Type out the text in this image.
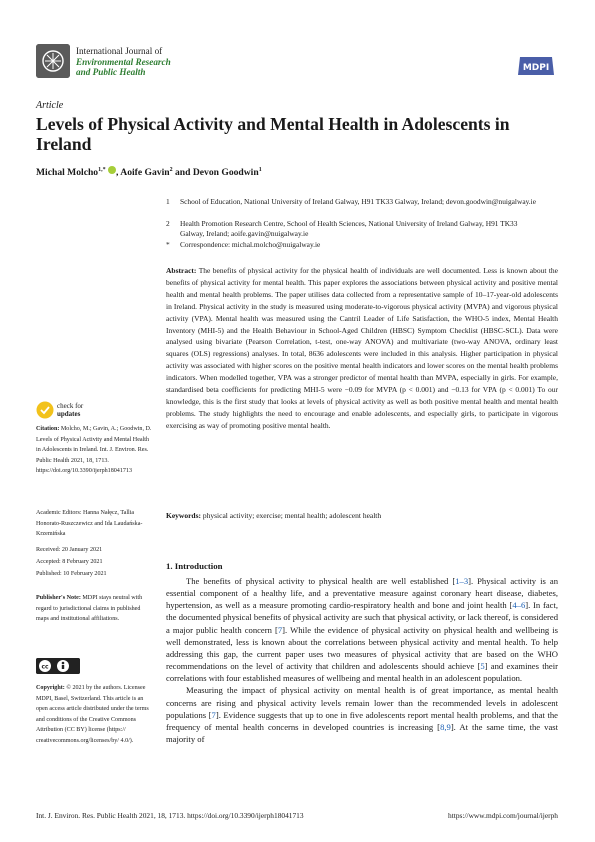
International Journal of
Environmental Research
and Public Health	MDPI
Article
Levels of Physical Activity and Mental Health in Adolescents in Ireland
Michal Molcho$^{1,*}$ , Aoife Gavin$^2$ and Devon Goodwin$^1$
1 School of Education, National University of Ireland Galway, H91 TK33 Galway, Ireland; devon.goodwin@nuigalway.ie
2 Health Promotion Research Centre, School of Health Sciences, National University of Ireland Galway, H91 TK33 Galway, Ireland; aoife.gavin@nuigalway.ie
* Correspondence: michal.molcho@nuigalway.ie
check for
updates
Citation: Molcho, M.; Gavin, A.; Goodwin, D. Levels of Physical Activity and Mental Health in Adolescents in Ireland. Int. J. Environ. Res. Public Health 2021, 18, 1713. https://doi.org/10.3390/ijerph18041713
Academic Editors: Hanna Nałęcz, Tallia Honorato-Ruszczewicz and Ida Laudańska-Krzemińska
Received: 20 January 2021
Accepted: 8 February 2021
Published: 10 February 2021
Publisher's Note: MDPI stays neutral with regard to jurisdictional claims in published maps and institutional affiliations.
cc
Copyright: © 2021 by the authors. Licensee MDPI, Basel, Switzerland. This article is an open access article distributed under the terms and conditions of the Creative Commons Attribution (CC BY) license (https:// creativecommons.org/licenses/by/ 4.0/).
Abstract: The benefits of physical activity for the physical health of individuals are well documented. Less is known about the benefits of physical activity for mental health. This paper explores the associations between physical activity and positive mental health and mental health problems. The paper utilises data collected from a representative sample of 10–17-year-old adolescents in Ireland. Physical activity in the study is measured using moderate-to-vigorous physical activity (MVPA) and vigorous physical activity (VPA). Mental health was measured using the Cantril Leader of Life Satisfaction, the WHO-5 index, Mental Health Inventory (MHI-5) and the Health Behaviour in School-Aged Children (HBSC) Symptom Checklist (HBSC-SCL). Data were analysed using bivariate (Pearson Correlation, t-test, one-way ANOVA) and multivariate (two-way ANOVA, ordinary least squares (OLS) regressions) analyses. In total, 8636 adolescents were included in this analysis. Higher participation in physical activity was associated with higher scores on the positive mental health indicators and lower scores on the mental health problems indicators. When modelled together, VPA was a stronger predictor of mental health than MVPA, especially in girls. For example, standardised beta coefficients for predicting MHI-5 were −0.09 for MVPA (p < 0.001) and −0.13 for VPA (p < 0.001) To our knowledge, this is the first study that looks at levels of physical activity as well as both positive mental health and mental health problems. The study highlights the need to encourage and enable adolescents, and especially girls, to participate in vigorous exercising as way of promoting positive mental health.
Keywords: physical activity; exercise; mental health; adolescent health
1. Introduction

The benefits of physical activity to physical health are well established [1–3]. Physical activity is an essential component of a healthy life, and a preventative measure against coronary heart disease, diabetes, hypertension, as well as a measure promoting cardio-respiratory health and bone and joint health [4–6]. In fact, the documented physical benefits of physical activity are such that physical activity, or lack thereof, is considered a major public health concern [7]. While the evidence of physical activity on physical health and wellbeing is well demonstrated, less is known about the correlations between physical activity and mental health. To help addressing this gap, the current paper uses two measures of physical activity that are based on the WHO recommendations on the level of activity that children and adolescents should achieve [5] and examines their correlations with four established measures of wellbeing and mental health in an adolescent population.

Measuring the impact of physical activity on mental health is of great importance, as mental health concerns are rising and physical activity levels remain lower than the recommended levels in adolescent populations [7]. Evidence suggests that up to one in five adolescents report mental health problems, and that the frequency of mental health concerns in developed countries is increasing [8,9]. At the same time, the vast majority of

Int. J. Environ. Res. Public Health 2021, 18, 1713. https://doi.org/10.3390/ijerph18041713	https://www.mdpi.com/journal/ijerph
